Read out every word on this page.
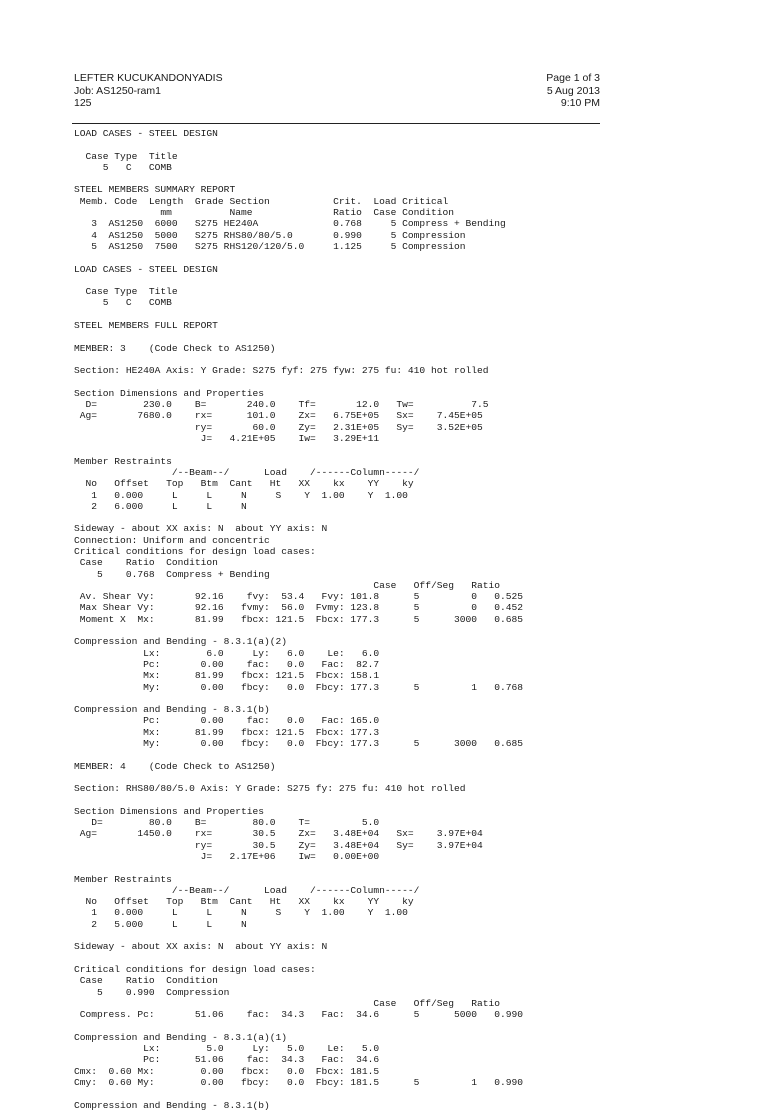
LEFTER KUCUKANDONYADIS
Job: AS1250-ram1
125
Page 1 of 3
5 Aug 2013
9:10 PM
LOAD CASES - STEEL DESIGN
Case Type  Title
5   C   COMB
STEEL MEMBERS SUMMARY REPORT
Memb. Code  Length  Grade Section           Crit.  Load Critical
mm          Name              Ratio  Case Condition
3  AS1250  6000   S275 HE240A             0.768     5 Compress + Bending
4  AS1250  5000   S275 RHS80/80/5.0       0.990     5 Compression
5  AS1250  7500   S275 RHS120/120/5.0     1.125     5 Compression
LOAD CASES - STEEL DESIGN
Case Type  Title
5   C   COMB
STEEL MEMBERS FULL REPORT
MEMBER: 3    (Code Check to AS1250)
Section: HE240A Axis: Y Grade: S275 fyf: 275 fyw: 275 fu: 410 hot rolled
Section Dimensions and Properties
D=        230.0    B=       240.0    Tf=       12.0   Tw=          7.5
Ag=       7680.0    rx=      101.0    Zx=   6.75E+05   Sx=    7.45E+05
ry=       60.0    Zy=   2.31E+05   Sy=    3.52E+05
J=   4.21E+05    Iw=   3.29E+11
Member Restraints
/--Beam--/      Load    /------Column-----/
No   Offset   Top   Btm  Cant   Ht   XX    kx    YY    ky
1   0.000     L     L     N     S    Y  1.00    Y  1.00
2   6.000     L     L     N
Sideway - about XX axis: N  about YY axis: N
Connection: Uniform and concentric
Critical conditions for design load cases:
Case    Ratio  Condition
5    0.768  Compress + Bending
Case   Off/Seg   Ratio
Av. Shear Vy:       92.16    fvy:  53.4   Fvy: 101.8      5         0   0.525
Max Shear Vy:       92.16   fvmy:  56.0  Fvmy: 123.8      5         0   0.452
Moment X  Mx:       81.99   fbcx: 121.5  Fbcx: 177.3      5      3000   0.685
Compression and Bending - 8.3.1(a)(2)
Lx:        6.0     Ly:   6.0    Le:   6.0
Pc:       0.00    fac:   0.0   Fac:  82.7
Mx:      81.99   fbcx: 121.5  Fbcx: 158.1
My:       0.00   fbcy:   0.0  Fbcy: 177.3      5         1   0.768
Compression and Bending - 8.3.1(b)
Pc:       0.00    fac:   0.0   Fac: 165.0
Mx:      81.99   fbcx: 121.5  Fbcx: 177.3
My:       0.00   fbcy:   0.0  Fbcy: 177.3      5      3000   0.685
MEMBER: 4    (Code Check to AS1250)
Section: RHS80/80/5.0 Axis: Y Grade: S275 fy: 275 fu: 410 hot rolled
Section Dimensions and Properties
D=        80.0    B=        80.0    T=         5.0
Ag=       1450.0    rx=       30.5    Zx=   3.48E+04   Sx=    3.97E+04
ry=       30.5    Zy=   3.48E+04   Sy=    3.97E+04
J=   2.17E+06    Iw=   0.00E+00
Member Restraints
/--Beam--/      Load    /------Column-----/
No   Offset   Top   Btm  Cant   Ht   XX    kx    YY    ky
1   0.000     L     L     N     S    Y  1.00    Y  1.00
2   5.000     L     L     N
Sideway - about XX axis: N  about YY axis: N
Critical conditions for design load cases:
Case    Ratio  Condition
5    0.990  Compression
Case   Off/Seg   Ratio
Compress. Pc:       51.06    fac:  34.3   Fac:  34.6      5      5000   0.990
Compression and Bending - 8.3.1(a)(1)
Lx:        5.0     Ly:   5.0    Le:   5.0
Pc:      51.06    fac:  34.3   Fac:  34.6
Cmx:  0.60 Mx:        0.00   fbcx:   0.0  Fbcx: 181.5
Cmy:  0.60 My:        0.00   fbcy:   0.0  Fbcy: 181.5      5         1   0.990
Compression and Bending - 8.3.1(b)
